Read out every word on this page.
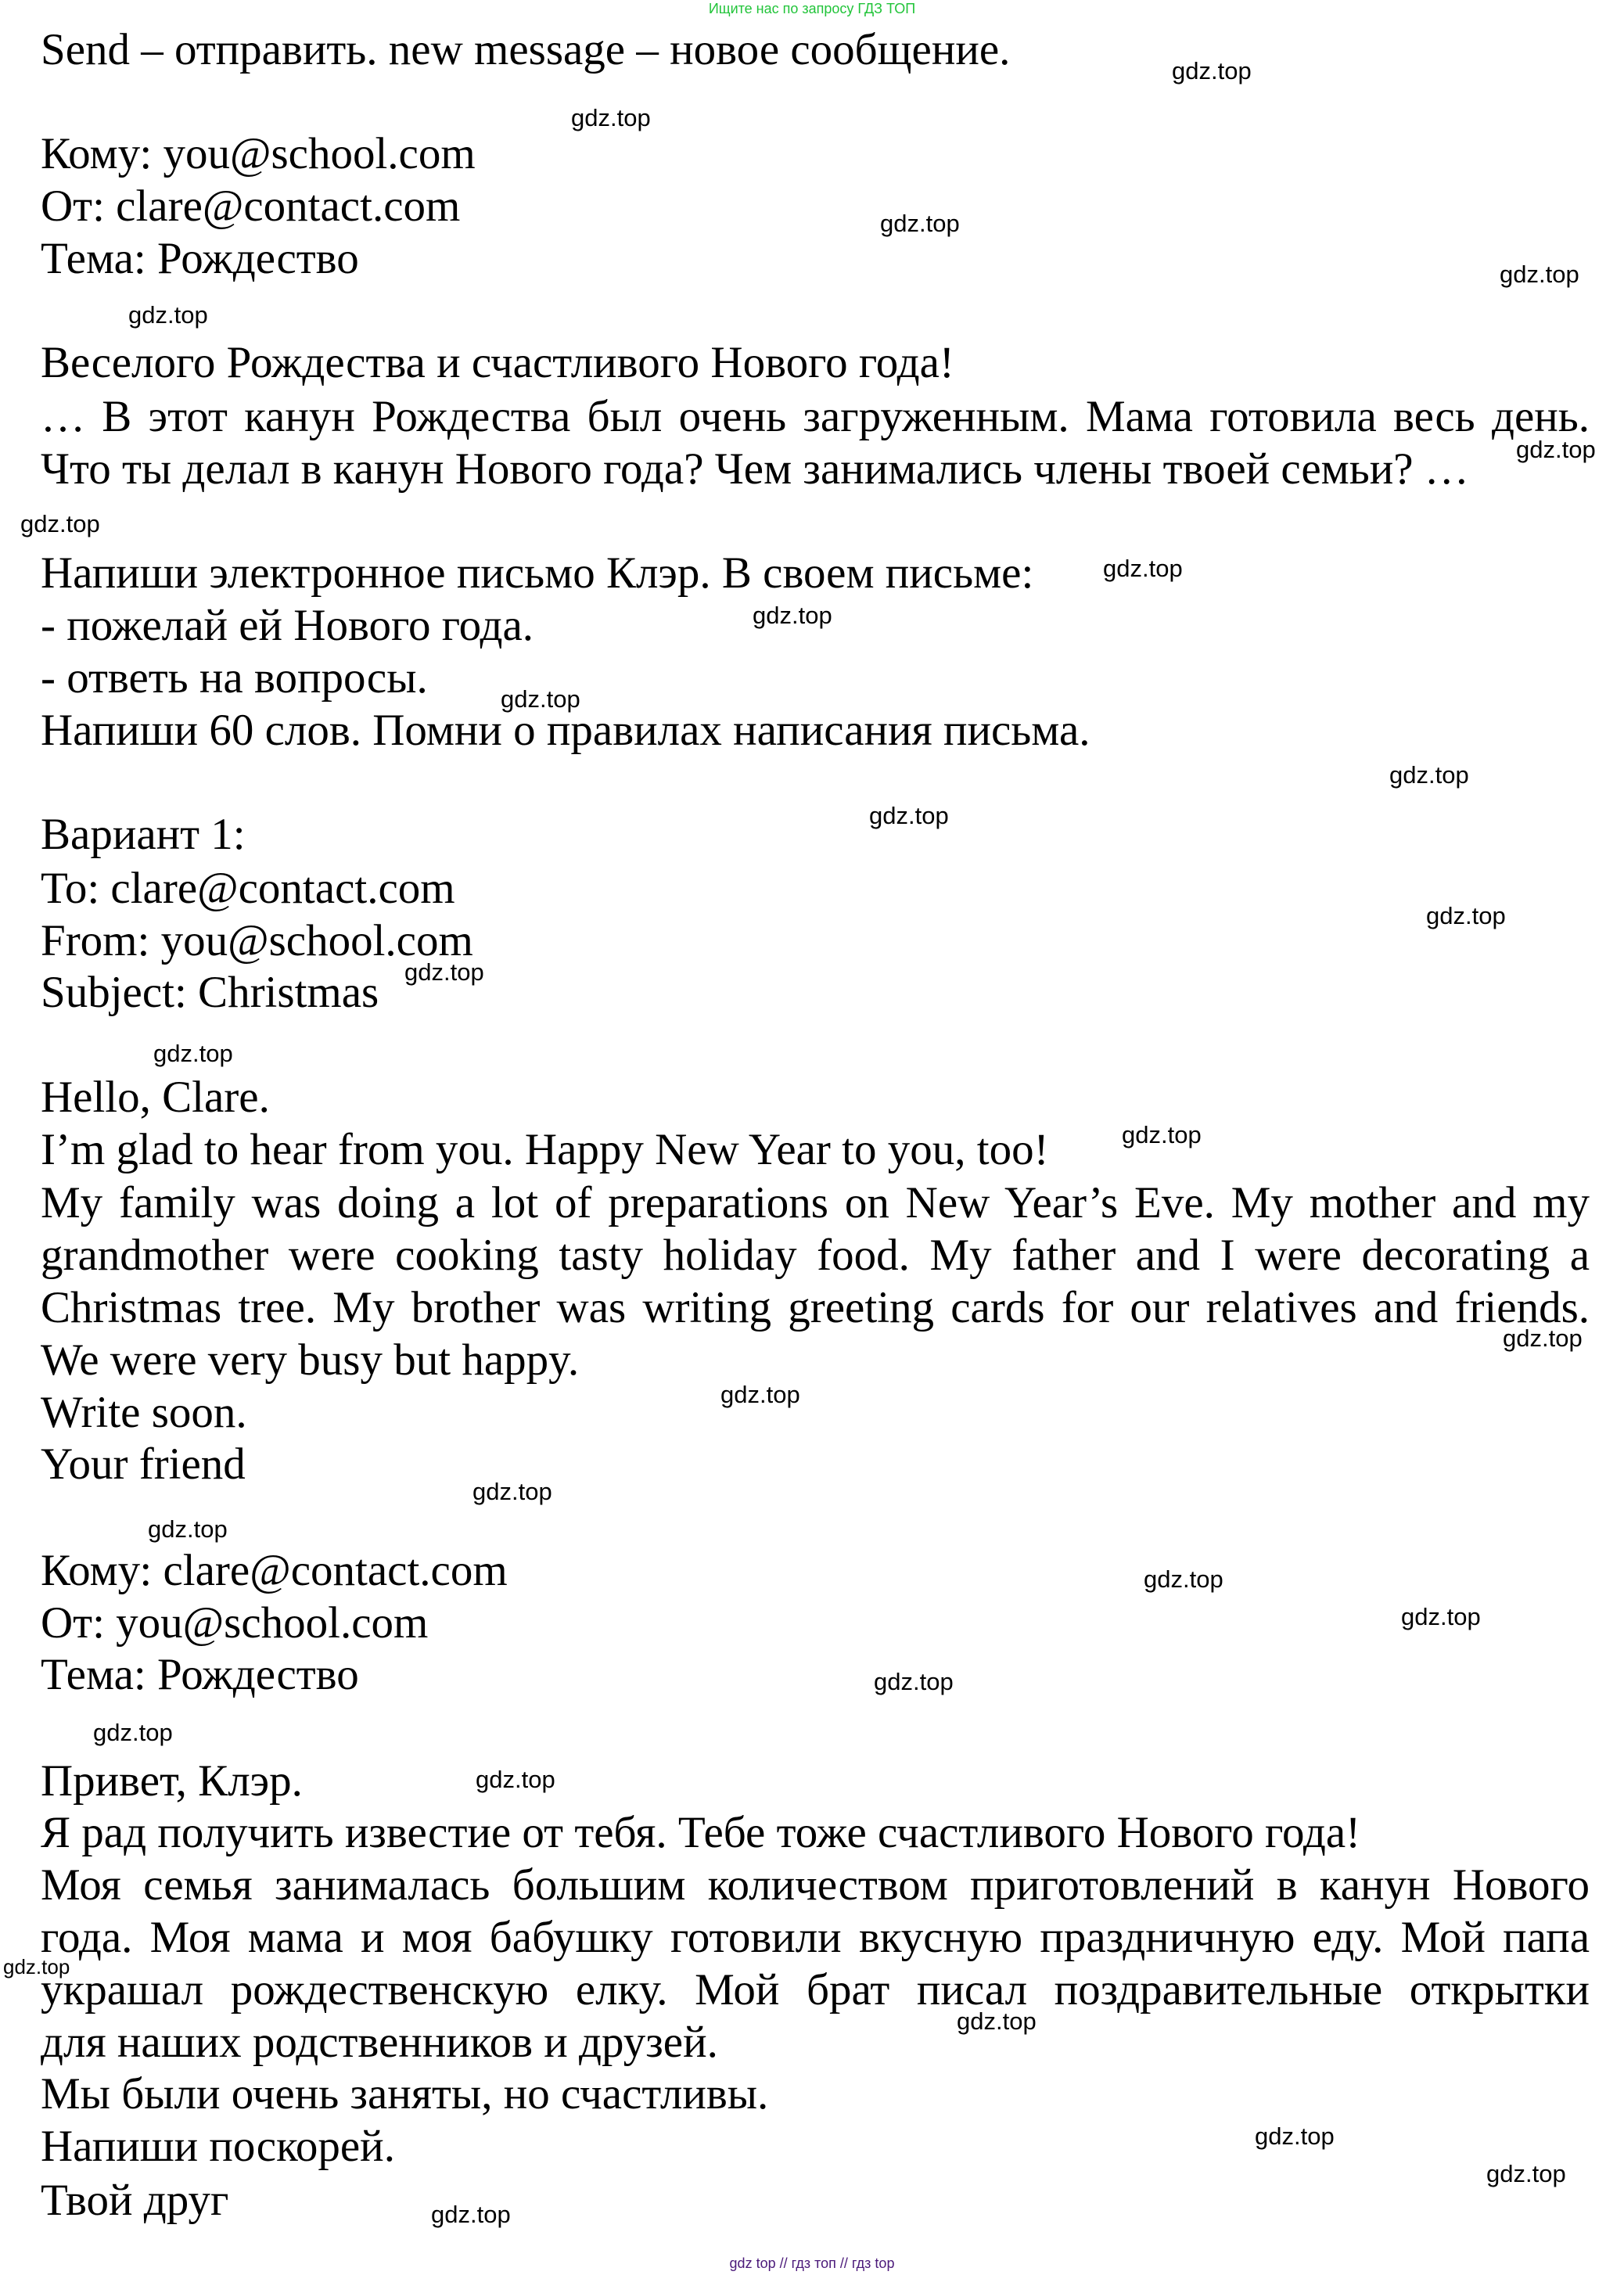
Ищите нас по запросу ГДЗ ТОП
Send – отправить. new message – новое сообщение.
Кому: you@school.com
От: clare@contact.com
Тема: Рождество
Веселого Рождества и счастливого Нового года!
… В этот канун Рождества был очень загруженным. Мама готовила весь день.
Что ты делал в канун Нового года? Чем занимались члены твоей семьи? …
Напиши электронное письмо Клэр. В своем письме:
- пожелай ей Нового года.
- ответь на вопросы.
Напиши 60 слов. Помни о правилах написания письма.
Вариант 1:
To: clare@contact.com
From: you@school.com
Subject: Christmas
Hello, Clare.
I’m glad to hear from you. Happy New Year to you, too!
My family was doing a lot of preparations on New Year’s Eve. My mother and my
grandmother were cooking tasty holiday food. My father and I were decorating a
Christmas tree. My brother was writing greeting cards for our relatives and friends.
We were very busy but happy.
Write soon.
Your friend
Кому: clare@contact.com
От: you@school.com
Тема: Рождество
Привет, Клэр.
Я рад получить известие от тебя. Тебе тоже счастливого Нового года!
Моя семья занималась большим количеством приготовлений в канун Нового
года. Моя мама и моя бабушку готовили вкусную праздничную еду. Мой папа
украшал рождественскую елку. Мой брат писал поздравительные открытки
для наших родственников и друзей.
Мы были очень заняты, но счастливы.
Напиши поскорей.
Твой друг
gdz.top
gdz.top
gdz.top
gdz.top
gdz.top
gdz.top
gdz.top
gdz.top
gdz.top
gdz.top
gdz.top
gdz.top
gdz.top
gdz.top
gdz.top
gdz.top
gdz.top
gdz.top
gdz.top
gdz.top
gdz.top
gdz.top
gdz.top
gdz.top
gdz.top
gdz.top
gdz.top
gdz.top
gdz.top
gdz.top
gdz top // гдз топ // гдз top
